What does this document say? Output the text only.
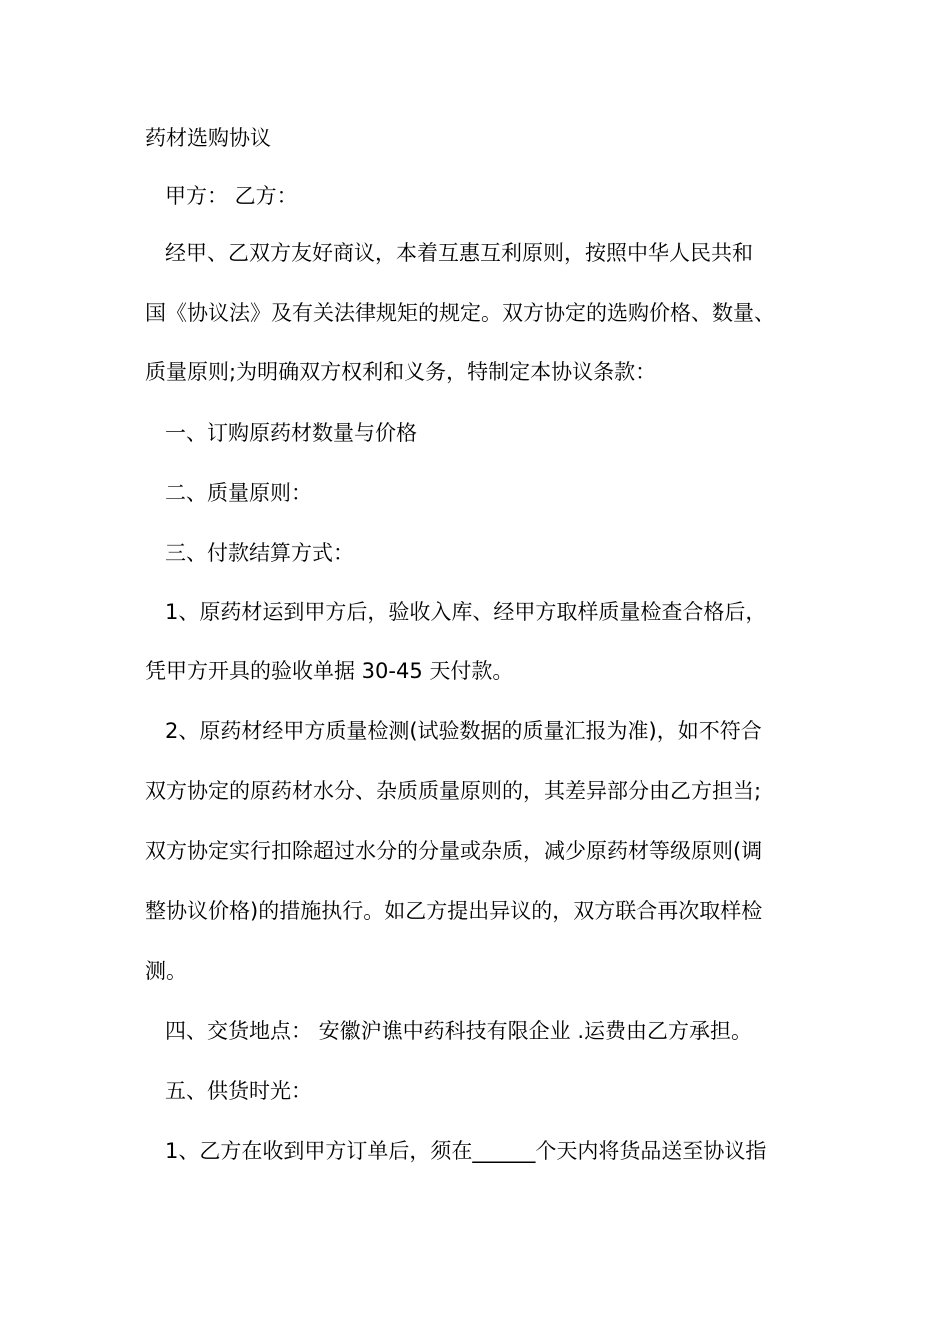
药材选购协议
甲方： 乙方：
经甲、乙双方友好商议，本着互惠互利原则，按照中华人民共和
国《协议法》及有关法律规矩的规定。双方协定的选购价格、数量、
质量原则;为明确双方权利和义务，特制定本协议条款：
一、订购原药材数量与价格
二、质量原则：
三、付款结算方式：
1、原药材运到甲方后，验收入库、经甲方取样质量检查合格后，
凭甲方开具的验收单据 30-45 天付款。
2、原药材经甲方质量检测(试验数据的质量汇报为准)，如不符合
双方协定的原药材水分、杂质质量原则的，其差异部分由乙方担当;
双方协定实行扣除超过水分的分量或杂质，减少原药材等级原则(调
整协议价格)的措施执行。如乙方提出异议的，双方联合再次取样检
测。
四、交货地点： 安徽沪谯中药科技有限企业 .运费由乙方承担。
五、供货时光：
1、乙方在收到甲方订单后，须在______个天内将货品送至协议指
